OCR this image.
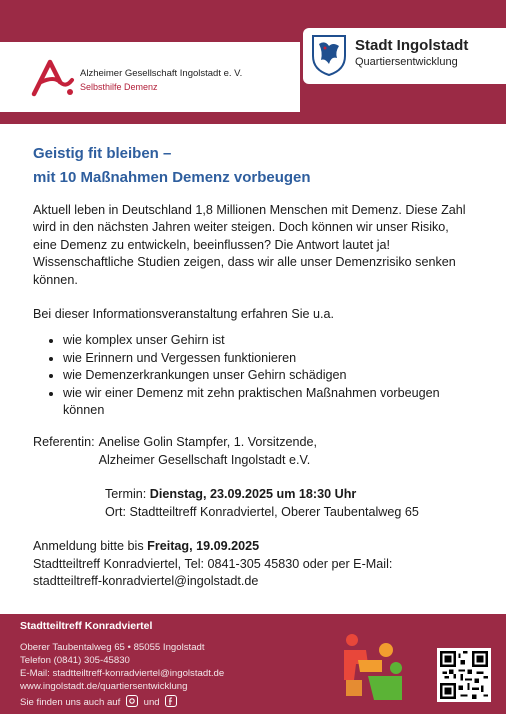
Alzheimer Gesellschaft Ingolstadt e. V.
Selbsthilfe Demenz
Stadt Ingolstadt
Quartiersentwicklung
Geistig fit bleiben –
mit 10 Maßnahmen Demenz vorbeugen

Aktuell leben in Deutschland 1,8 Millionen Menschen mit Demenz. Diese Zahl wird in den nächsten Jahren weiter steigen. Doch können wir unser Risiko, eine Demenz zu entwickeln, beeinflussen? Die Antwort lautet ja! Wissenschaftliche Studien zeigen, dass wir alle unser Demenzrisiko senken können.

Bei dieser Informationsveranstaltung erfahren Sie u.a.

• wie komplex unser Gehirn ist
• wie Erinnern und Vergessen funktionieren
• wie Demenzerkrankungen unser Gehirn schädigen
• wie wir einer Demenz mit zehn praktischen Maßnahmen vorbeugen können

Referentin: Anelise Golin Stampfer, 1. Vorsitzende,
Alzheimer Gesellschaft Ingolstadt e.V.

Termin: Dienstag, 23.09.2025 um 18:30 Uhr
Ort: Stadtteiltreff Konradviertel, Oberer Taubentalweg 65

Anmeldung bitte bis Freitag, 19.09.2025
Stadtteiltreff Konradviertel, Tel: 0841-305 45830 oder per E-Mail:
stadtteiltreff-konradviertel@ingolstadt.de

Stadtteiltreff Konradviertel
Oberer Taubentalweg 65 • 85055 Ingolstadt
Telefon (0841) 305-45830
E-Mail: stadtteiltreff-konradviertel@ingolstadt.de
www.ingolstadt.de/quartiersentwicklung
Sie finden uns auch auf und
